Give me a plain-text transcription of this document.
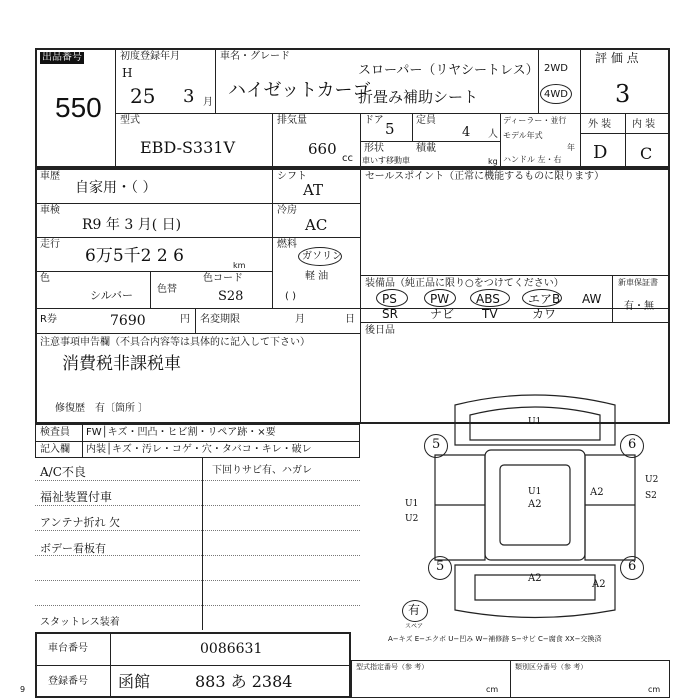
出品番号
550
初度登録年月
H
25 3 月
車名・グレード
ハイゼットカーゴ
スローパー（リヤシートレス）
折畳み補助シート
2WD
4WD
評 価 点
3
外 装 内 装
D C
型式
EBD-S331V
排気量
660
cc
ドア 5 定員
4 人
形状	積載
車いす移動車	kg
ディーラー・並行
モデル年式
年
ハンドル 左・右
車歴
自家用・（ ）
車検
R9 年 3 月( 日)
走行
6万5千2 2 6	km
色
シルバー 色替
色コード
S28
シフト
AT
冷房
AC
燃料
ガソリン
軽 油
( )
セールスポイント（正常に機能するものに限ります）
R券	7690	円 名変期限	月	日
装備品（純正品に限り○をつけてください）	新車保証書
有・無
PS	PW ABS エアB AW
SR	ナビ TV	カワ
後日品
注意事項申告欄（不具合内容等は具体的に記入して下さい）
消費税非課税車
修復歴　有〔箇所 〕
検査員
記入欄
FW│キズ・凹凸・ヒビ割・リペア跡・×要
内装│キズ・汚レ・コゲ・穴・タバコ・キレ・破レ
A/C不良
福祉装置付車
アンテナ折れ 欠
ボデー看板有
下回りサビ有、ハガレ
スタットレス装着
U1
5	6
U2
S2
U1
A2
A2
U1
U2
5	6
A2
A2
有
スペア
A−キズ E−エクボ U−凹み W−補修跡 S−サビ C−腐食 XX−交換済
車台番号	0086631
登録番号 函館	883 あ 2384
9
型式指定番号（参 考）	類別区分番号（参 考）
cm	cm
